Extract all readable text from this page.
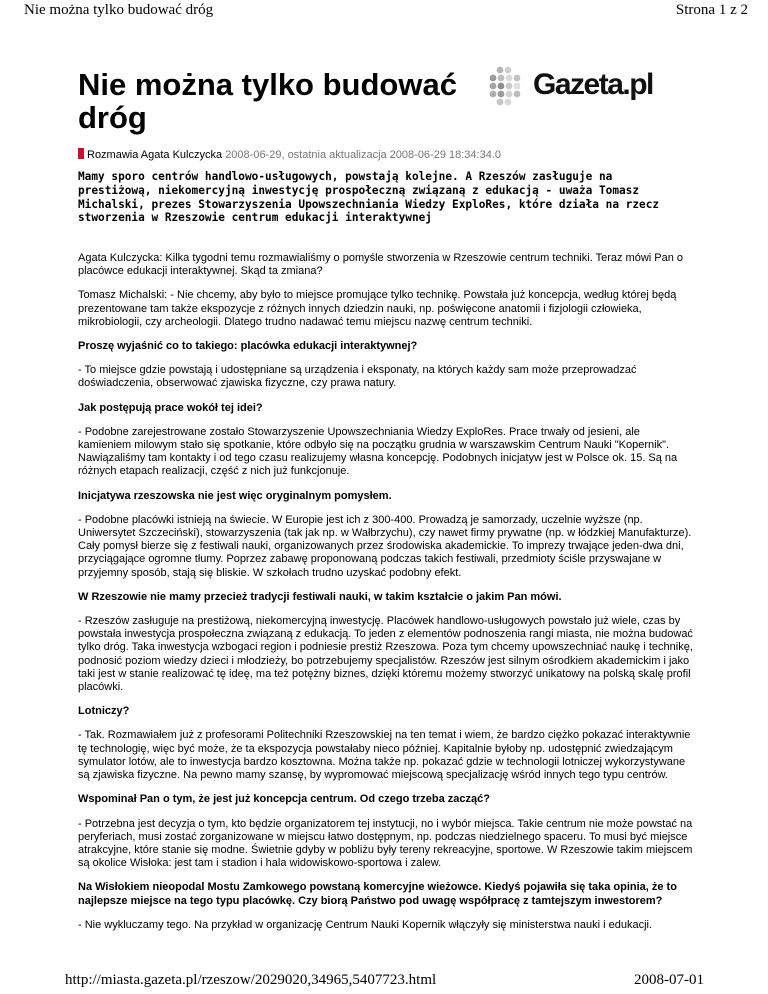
Nie można tylko budować dróg	Strona 1 z 2
Nie można tylko budować dróg
Gazeta.pl
Rozmawia Agata Kulczycka 2008-06-29, ostatnia aktualizacja 2008-06-29 18:34:34.0

Mamy sporo centrów handlowo-usługowych, powstają kolejne. A Rzeszów zasługuje na prestiżową, niekomercyjną inwestycję prospołeczną związaną z edukacją - uważa Tomasz Michalski, prezes Stowarzyszenia Upowszechniania Wiedzy ExploRes, które działa na rzecz stworzenia w Rzeszowie centrum edukacji interaktywnej

Agata Kulczycka: Kilka tygodni temu rozmawialiśmy o pomyśle stworzenia w Rzeszowie centrum techniki. Teraz mówi Pan o placówce edukacji interaktywnej. Skąd ta zmiana?

Tomasz Michalski: - Nie chcemy, aby było to miejsce promujące tylko technikę. Powstała już koncepcja, według której będą prezentowane tam także ekspozycje z różnych innych dziedzin nauki, np. poświęcone anatomii i fizjologii człowieka, mikrobiologii, czy archeologii. Dlatego trudno nadawać temu miejscu nazwę centrum techniki.

Proszę wyjaśnić co to takiego: placówka edukacji interaktywnej?

- To miejsce gdzie powstają i udostępniane są urządzenia i eksponaty, na których każdy sam może przeprowadzać doświadczenia, obserwować zjawiska fizyczne, czy prawa natury.

Jak postępują prace wokół tej idei?

- Podobne zarejestrowane zostało Stowarzyszenie Upowszechniania Wiedzy ExploRes. Prace trwały od jesieni, ale kamieniem milowym stało się spotkanie, które odbyło się na początku grudnia w warszawskim Centrum Nauki "Kopernik". Nawiązaliśmy tam kontakty i od tego czasu realizujemy własna koncepcję. Podobnych inicjatyw jest w Polsce ok. 15. Są na różnych etapach realizacji, część z nich już funkcjonuje.

Inicjatywa rzeszowska nie jest więc oryginalnym pomysłem.

- Podobne placówki istnieją na świecie. W Europie jest ich z 300-400. Prowadzą je samorzady, uczelnie wyższe (np. Uniwersytet Szczeciński), stowarzyszenia (tak jak np. w Wałbrzychu), czy nawet firmy prywatne (np. w łódzkiej Manufakturze). Cały pomysł bierze się z festiwali nauki, organizowanych przez środowiska akademickie. To imprezy trwające jeden-dwa dni, przyciągające ogromne tłumy. Poprzez zabawę proponowaną podczas takich festiwali, przedmioty ściśle przyswajane w przyjemny sposób, stają się bliskie. W szkołach trudno uzyskać podobny efekt.

W Rzeszowie nie mamy przecież tradycji festiwali nauki, w takim kształcie o jakim Pan mówi.

- Rzeszów zasługuje na prestiżową, niekomercyjną inwestycję. Placówek handlowo-usługowych powstało już wiele, czas by powstała inwestycja prospołeczna związaną z edukacją. To jeden z elementów podnoszenia rangi miasta, nie można budować tylko dróg. Taka inwestycja wzbogaci region i podniesie prestiż Rzeszowa. Poza tym chcemy upowszechniać naukę i technikę, podnosić poziom wiedzy dzieci i młodzieży, bo potrzebujemy specjalistów. Rzeszów jest silnym ośrodkiem akademickim i jako taki jest w stanie realizować tę ideę, ma też potężny biznes, dzięki któremu możemy stworzyć unikatowy na polską skalę profil placówki.

Lotniczy?

- Tak. Rozmawiałem już z profesorami Politechniki Rzeszowskiej na ten temat i wiem, że bardzo ciężko pokazać interaktywnie tę technologię, więc być może, że ta ekspozycja powstałaby nieco później. Kapitalnie byłoby np. udostępnić zwiedzającym symulator lotów, ale to inwestycja bardzo kosztowna. Można także np. pokazać gdzie w technologii lotniczej wykorzystywane są zjawiska fizyczne. Na pewno mamy szansę, by wypromować miejscową specjalizację wśród innych tego typu centrów.

Wspominał Pan o tym, że jest już koncepcja centrum. Od czego trzeba zacząć?

- Potrzebna jest decyzja o tym, kto będzie organizatorem tej instytucji, no i wybór miejsca. Takie centrum nie może powstać na peryferiach, musi zostać zorganizowane w miejscu łatwo dostępnym, np. podczas niedzielnego spaceru. To musi być miejsce atrakcyjne, które stanie się modne. Świetnie gdyby w pobliżu były tereny rekreacyjne, sportowe. W Rzeszowie takim miejscem są okolice Wisłoka: jest tam i stadion i hala widowiskowo-sportowa i zalew.

Na Wisłokiem nieopodal Mostu Zamkowego powstaną komercyjne wieżowce. Kiedyś pojawiła się taka opinia, że to najlepsze miejsce na tego typu placówkę. Czy biorą Państwo pod uwagę współpracę z tamtejszym inwestorem?

- Nie wykluczamy tego. Na przykład w organizację Centrum Nauki Kopernik włączyły się ministerstwa nauki i edukacji.

http://miasta.gazeta.pl/rzeszow/2029020,34965,5407723.html	2008-07-01
